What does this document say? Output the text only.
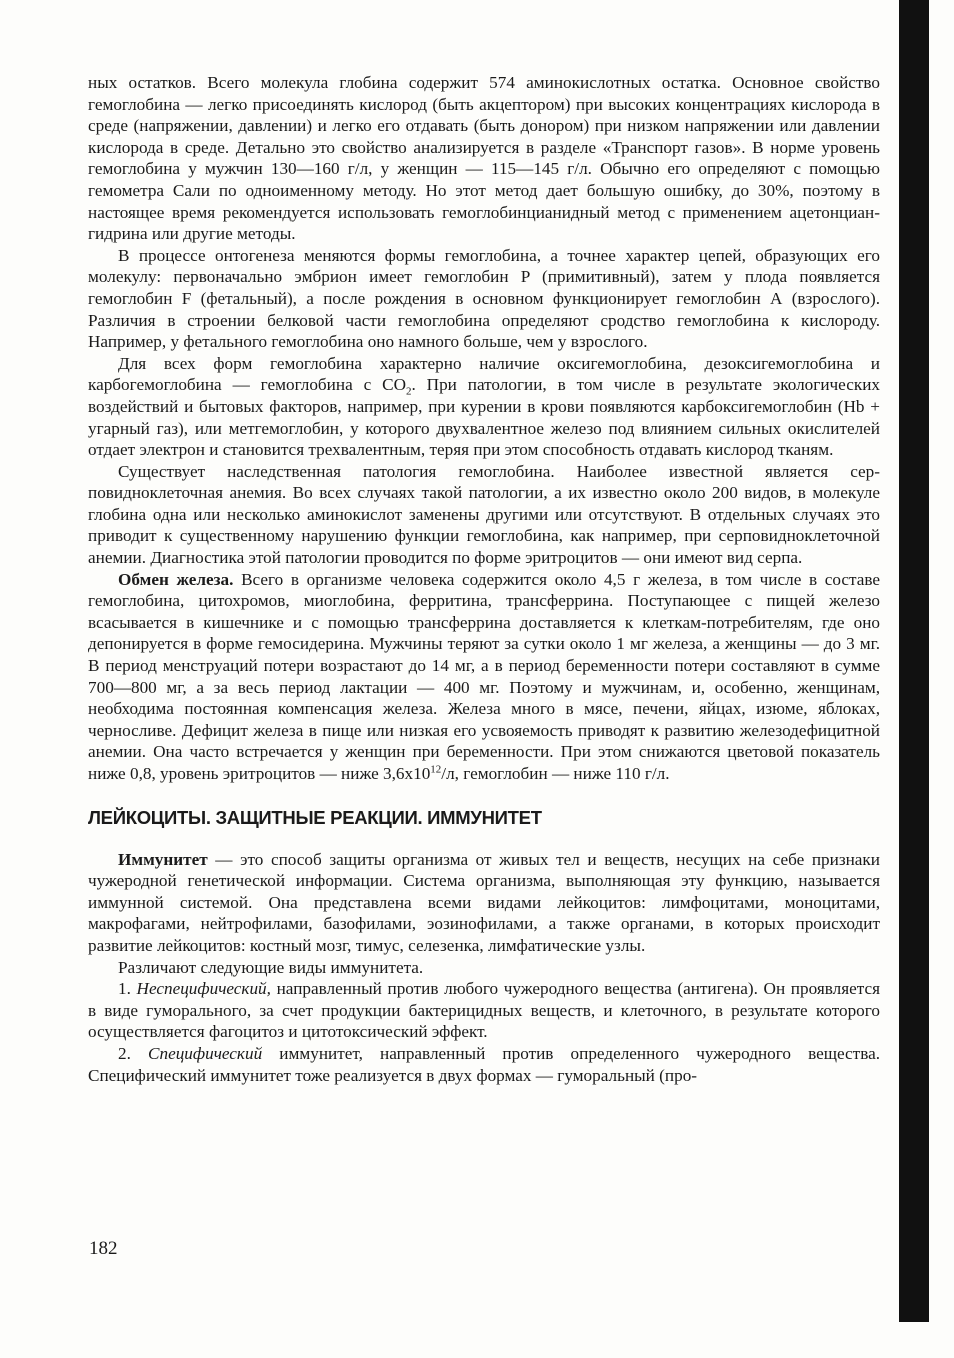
ных остатков. Всего молекула глобина содержит 574 аминокислотных остатка. Основное свойство гемоглобина — легко присоединять кислород (быть акцептором) при высоких концентрациях кислорода в среде (напряжении, давлении) и легко его отдавать (быть донором) при низком напряжении или давлении кислорода в среде. Детально это свойство анализируется в разделе «Транспорт газов». В норме уровень гемоглобина у мужчин 130—160 г/л, у женщин — 115—145 г/л. Обычно его определяют с помощью гемометра Сали по одноименному методу. Но этот метод дает большую ошибку, до 30%, поэтому в настоящее время рекомендуется использовать гемоглобинцианидный метод с применением ацетонциангидрина или другие методы.

В процессе онтогенеза меняются формы гемоглобина, а точнее характер цепей, образующих его молекулу: первоначально эмбрион имеет гемоглобин P (примитивный), затем у плода появляется гемоглобин F (фетальный), а после рождения в основном функционирует гемоглобин А (взрослого). Различия в строении белковой части гемоглобина определяют сродство гемоглобина к кислороду. Например, у фетального гемоглобина оно намного больше, чем у взрослого.

Для всех форм гемоглобина характерно наличие оксигемоглобина, дезоксигемоглобина и карбогемоглобина — гемоглобина с $CO_2$. При патологии, в том числе в результате экологических воздействий и бытовых факторов, например, при курении в крови появляются карбоксигемоглобин (Hb + угарный газ), или метгемоглобин, у которого двухвалентное железо под влиянием сильных окислителей отдает электрон и становится трехвалентным, теряя при этом способность отдавать кислород тканям.

Существует наследственная патология гемоглобина. Наиболее известной является серповидноклеточная анемия. Во всех случаях такой патологии, а их известно около 200 видов, в молекуле глобина одна или несколько аминокислот заменены другими или отсутствуют. В отдельных случаях это приводит к существенному нарушению функции гемоглобина, как например, при серповидноклеточной анемии. Диагностика этой патологии проводится по форме эритроцитов — они имеют вид серпа.

Обмен железа. Всего в организме человека содержится около 4,5 г железа, в том числе в составе гемоглобина, цитохромов, миоглобина, ферритина, трансферрина. Поступающее с пищей железо всасывается в кишечнике и с помощью трансферрина доставляется к клеткам-потребителям, где оно депонируется в форме гемосидерина. Мужчины теряют за сутки около 1 мг железа, а женщины — до 3 мг. В период менструаций потери возрастают до 14 мг, а в период беременности потери составляют в сумме 700—800 мг, а за весь период лактации — 400 мг. Поэтому и мужчинам, и, особенно, женщинам, необходима постоянная компенсация железа. Железа много в мясе, печени, яйцах, изюме, яблоках, черносливе. Дефицит железа в пище или низкая его усвояемость приводят к развитию железодефицитной анемии. Она часто встречается у женщин при беременности. При этом снижаются цветовой показатель ниже 0,8, уровень эритроцитов — ниже $3,6х10^{12}/л$, гемоглобин — ниже 110 г/л.

ЛЕЙКОЦИТЫ. ЗАЩИТНЫЕ РЕАКЦИИ. ИММУНИТЕТ

Иммунитет — это способ защиты организма от живых тел и веществ, несущих на себе признаки чужеродной генетической информации. Система организма, выполняющая эту функцию, называется иммунной системой. Она представлена всеми видами лейкоцитов: лимфоцитами, моноцитами, макрофагами, нейтрофилами, базофилами, эозинофилами, а также органами, в которых происходит развитие лейкоцитов: костный мозг, тимус, селезенка, лимфатические узлы.

Различают следующие виды иммунитета.

1. Неспецифический, направленный против любого чужеродного вещества (антигена). Он проявляется в виде гуморального, за счет продукции бактерицидных веществ, и клеточного, в результате которого осуществляется фагоцитоз и цитотоксический эффект.

2. Специфический иммунитет, направленный против определенного чужеродного вещества. Специфический иммунитет тоже реализуется в двух формах — гуморальный (про-

182
